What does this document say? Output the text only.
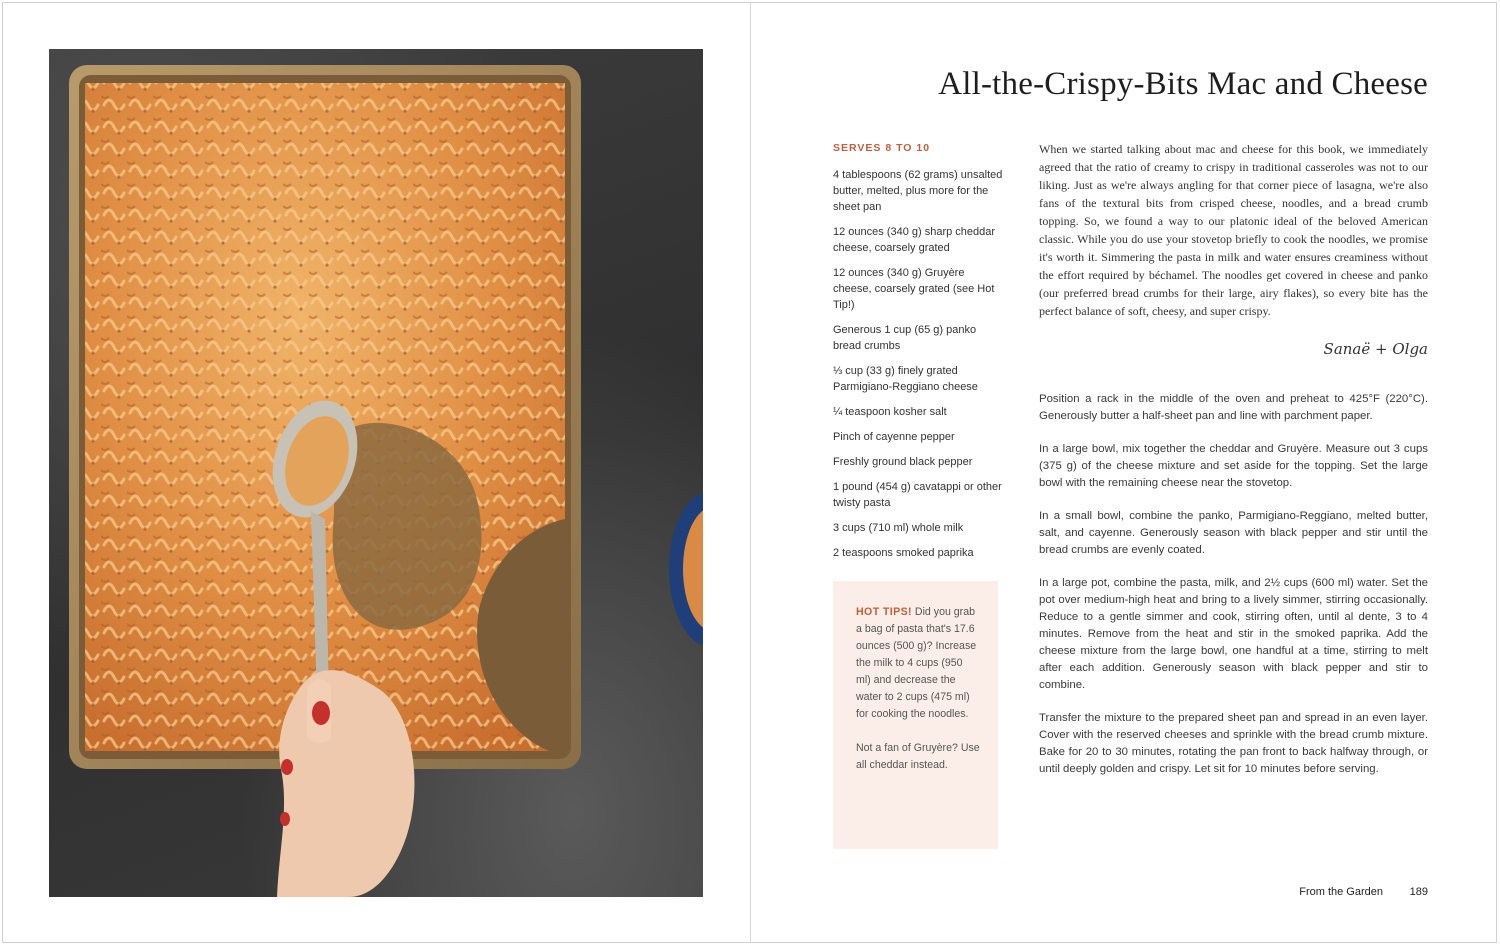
All-the-Crispy-Bits Mac and Cheese
SERVES 8 TO 10
4 tablespoons (62 grams) unsalted butter, melted, plus more for the sheet pan
12 ounces (340 g) sharp cheddar cheese, coarsely grated
12 ounces (340 g) Gruyère cheese, coarsely grated (see Hot Tip!)
Generous 1 cup (65 g) panko bread crumbs
⅓ cup (33 g) finely grated Parmigiano-Reggiano cheese
¼ teaspoon kosher salt
Pinch of cayenne pepper
Freshly ground black pepper
1 pound (454 g) cavatappi or other twisty pasta
3 cups (710 ml) whole milk
2 teaspoons smoked paprika

HOT TIPS! Did you grab a bag of pasta that's 17.6 ounces (500 g)? Increase the milk to 4 cups (950 ml) and decrease the water to 2 cups (475 ml) for cooking the noodles.

Not a fan of Gruyère? Use all cheddar instead.

When we started talking about mac and cheese for this book, we immediately agreed that the ratio of creamy to crispy in traditional casseroles was not to our liking. Just as we're always angling for that corner piece of lasagna, we're also fans of the textural bits from crisped cheese, noodles, and a bread crumb topping. So, we found a way to our platonic ideal of the beloved American classic. While you do use your stovetop briefly to cook the noodles, we promise it's worth it. Simmering the pasta in milk and water ensures creaminess without the effort required by béchamel. The noodles get covered in cheese and panko (our preferred bread crumbs for their large, airy flakes), so every bite has the perfect balance of soft, cheesy, and super crispy.

Sanaë + Olga

Position a rack in the middle of the oven and preheat to 425°F (220°C). Generously butter a half-sheet pan and line with parchment paper.

In a large bowl, mix together the cheddar and Gruyère. Measure out 3 cups (375 g) of the cheese mixture and set aside for the topping. Set the large bowl with the remaining cheese near the stovetop.

In a small bowl, combine the panko, Parmigiano-Reggiano, melted butter, salt, and cayenne. Generously season with black pepper and stir until the bread crumbs are evenly coated.

In a large pot, combine the pasta, milk, and 2½ cups (600 ml) water. Set the pot over medium-high heat and bring to a lively simmer, stirring occasionally. Reduce to a gentle simmer and cook, stirring often, until al dente, 3 to 4 minutes. Remove from the heat and stir in the smoked paprika. Add the cheese mixture from the large bowl, one handful at a time, stirring to melt after each addition. Generously season with black pepper and stir to combine.

Transfer the mixture to the prepared sheet pan and spread in an even layer. Cover with the reserved cheeses and sprinkle with the bread crumb mixture. Bake for 20 to 30 minutes, rotating the pan front to back halfway through, or until deeply golden and crispy. Let sit for 10 minutes before serving.

From the Garden	189
